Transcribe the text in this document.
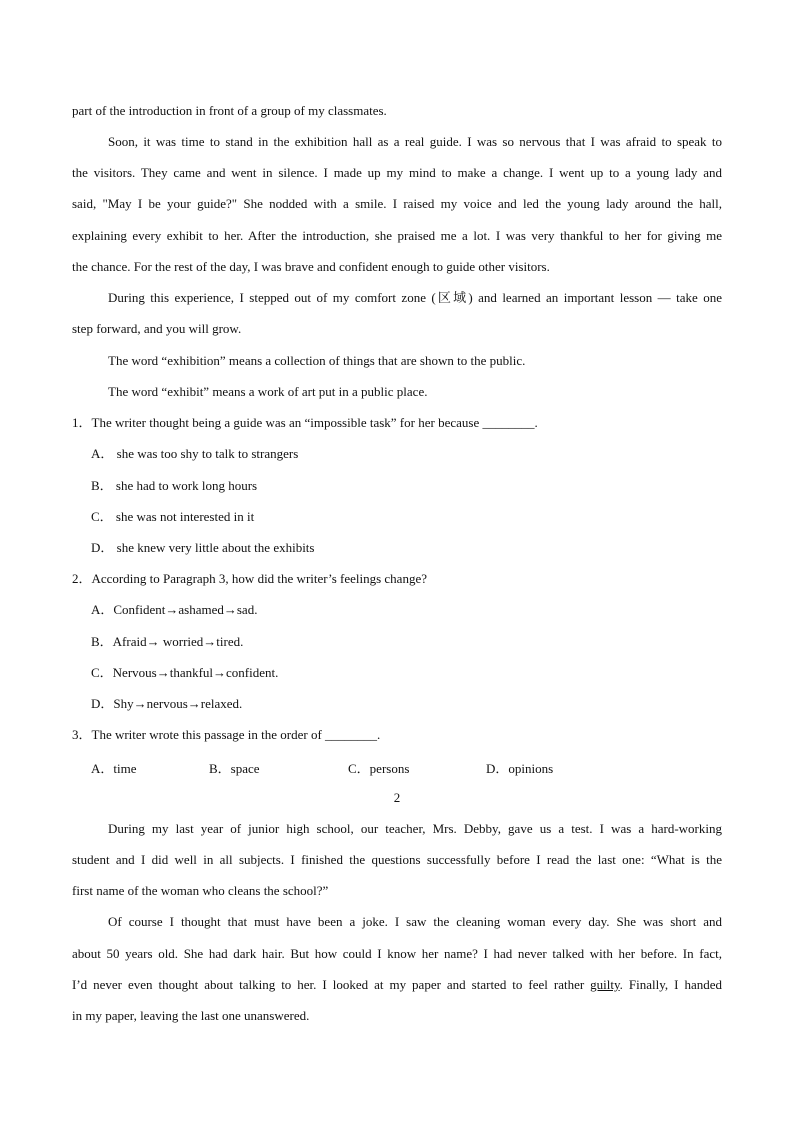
part of the introduction in front of a group of my classmates.
Soon, it was time to stand in the exhibition hall as a real guide. I was so nervous that I was afraid to speak to
the visitors. They came and went in silence. I made up my mind to make a change. I went up to a young lady and
said, "May I be your guide?" She nodded with a smile. I raised my voice and led the young lady around the hall,
explaining every exhibit to her. After the introduction, she praised me a lot. I was very thankful to her for giving me
the chance. For the rest of the day, I was brave and confident enough to guide other visitors.
During this experience, I stepped out of my comfort zone (区域) and learned an important lesson — take one
step forward, and you will grow.
The word “exhibition” means a collection of things that are shown to the public.
The word “exhibit” means a work of art put in a public place.
1．The writer thought being a guide was an “impossible task” for her because ________.
A． she was too shy to talk to strangers
B． she had to work long hours
C． she was not interested in it
D． she knew very little about the exhibits
2．According to Paragraph 3, how did the writer’s feelings change?
A．Confident→ashamed→sad.
B．Afraid→ worried→tired.
C．Nervous→thankful→confident.
D．Shy→nervous→relaxed.
3．The writer wrote this passage in the order of ________.
A．time	B．space	C．persons	D．opinions
2
During my last year of junior high school, our teacher, Mrs. Debby, gave us a test. I was a hard-working
student and I did well in all subjects. I finished the questions successfully before I read the last one: “What is the
first name of the woman who cleans the school?”
Of course I thought that must have been a joke. I saw the cleaning woman every day. She was short and
about 50 years old. She had dark hair. But how could I know her name? I had never talked with her before. In fact,
I’d never even thought about talking to her. I looked at my paper and started to feel rather guilty. Finally, I handed
in my paper, leaving the last one unanswered.
